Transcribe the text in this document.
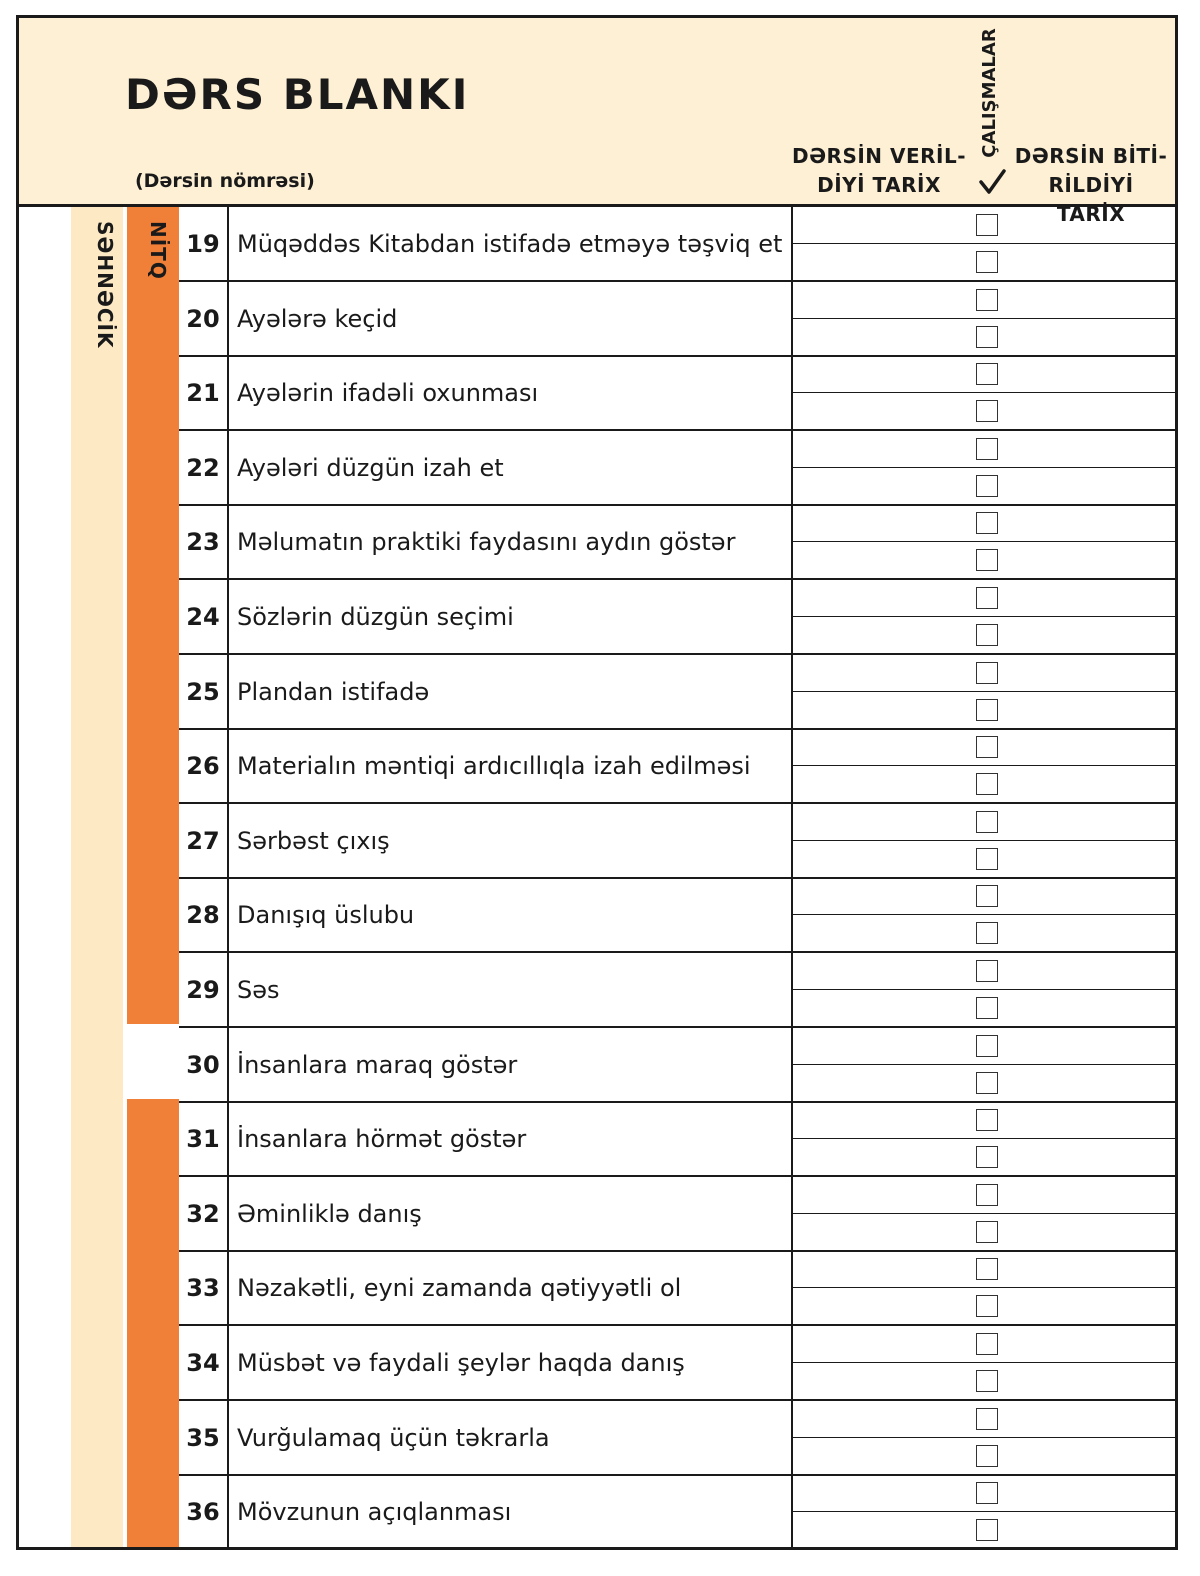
DƏRS BLANKI
(Dərsin nömrəsi)
DƏRSİN VERİL-
DİYİ TARİX
ÇALIŞMALAR DƏRSİN BİTİ-
RİLDİYİ TARİX
SƏHNƏCİK NİTQ 19 Müqəddəs Kitabdan istifadə etməyə təşviq et
20 Ayələrə keçid
21 Ayələrin ifadəli oxunması
22 Ayələri düzgün izah et
23 Məlumatın praktiki faydasını aydın göstər
24 Sözlərin düzgün seçimi
25 Plandan istifadə
26 Materialın məntiqi ardıcıllıqla izah edilməsi
27 Sərbəst çıxış
28 Danışıq üslubu
29 Səs
30 İnsanlara maraq göstər
31 İnsanlara hörmət göstər
32 Əminliklə danış
33 Nəzakətli, eyni zamanda qətiyyətli ol
34 Müsbət və faydali şeylər haqda danış
35 Vurğulamaq üçün təkrarla
36 Mövzunun açıqlanması
